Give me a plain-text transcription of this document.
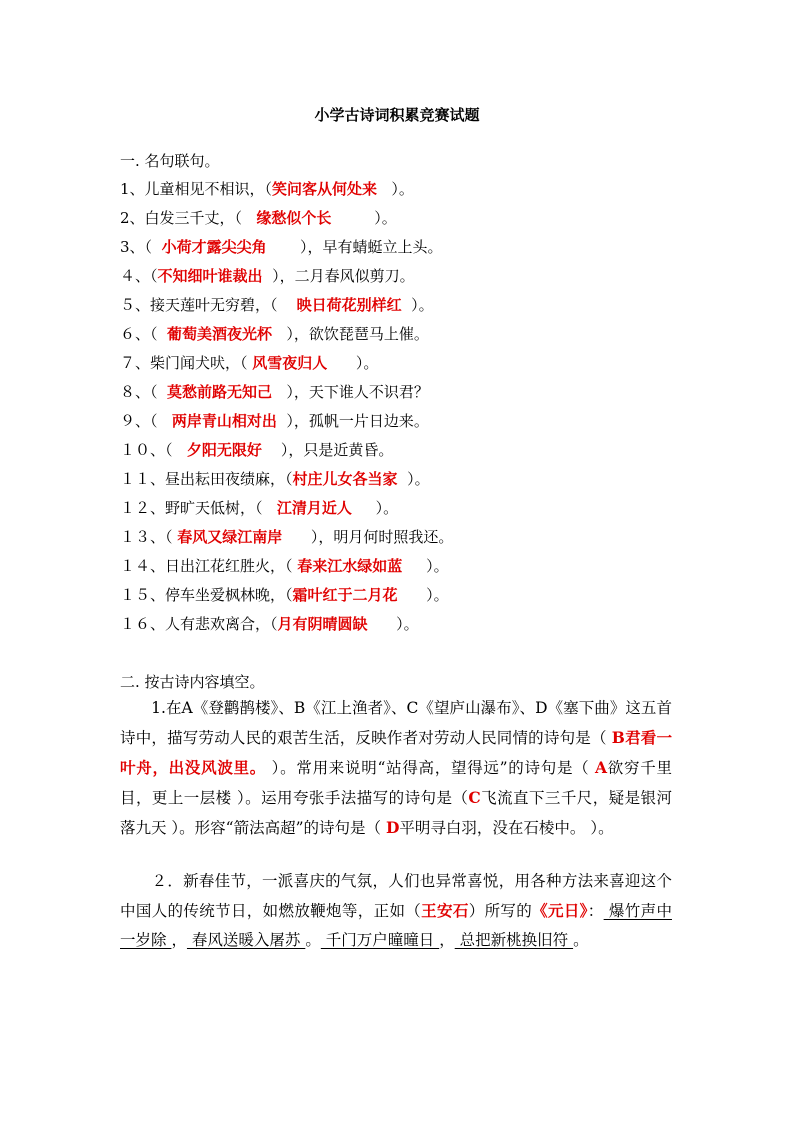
小学古诗词积累竞赛试题
一. 名句联句。
1、儿童相见不相识，（笑问客从何处来   ）。
2、白发三千丈，（   缘愁似个长         ）。
3、（  小荷才露尖尖角       ），早有蜻蜓立上头。
４、（不知细叶谁裁出  ），二月春风似剪刀。
５、接天莲叶无穷碧，（    映日荷花别样红  ）。
６、（  葡萄美酒夜光杯   ），欲饮琵琶马上催。
７、柴门闻犬吠，（ 风雪夜归人      ）。
８、（  莫愁前路无知己   ），天下谁人不识君？
９、（   两岸青山相对出  ），孤帆一片日边来。
１０、（   夕阳无限好    ），只是近黄昏。
１１、昼出耘田夜绩麻，（村庄儿女各当家  ）。
１２、野旷天低树，（   江清月近人     ）。
１３、（ 春风又绿江南岸      ），明月何时照我还。
１４、日出江花红胜火，（ 春来江水绿如蓝     ）。
１５、停车坐爱枫林晚，（霜叶红于二月花      ）。
１６、人有悲欢离合，（月有阴晴圆缺      ）。
二. 按古诗内容填空。
　　1.在A《登鹳鹊楼》、B《江上渔者》、C《望庐山瀑布》、D《塞下曲》这五首诗中，描写劳动人民的艰苦生活，反映作者对劳动人民同情的诗句是（ B君看一叶舟，出没风波里。 ）。常用来说明“站得高，望得远”的诗句是（ A欲穷千里目，更上一层楼 ）。运用夸张手法描写的诗句是（C飞流直下三千尺，疑是银河落九天 ）。形容“箭法高超”的诗句是（ D平明寻白羽，没在石棱中。 ）。
　　２．新春佳节，一派喜庆的气氛，人们也异常喜悦，用各种方法来喜迎这个中国人的传统节日，如燃放鞭炮等，正如（王安石）所写的《元日》： 爆竹声中一岁除 ， 春风送暖入屠苏 。 千门万户曈曈日 ， 总把新桃换旧符 。
